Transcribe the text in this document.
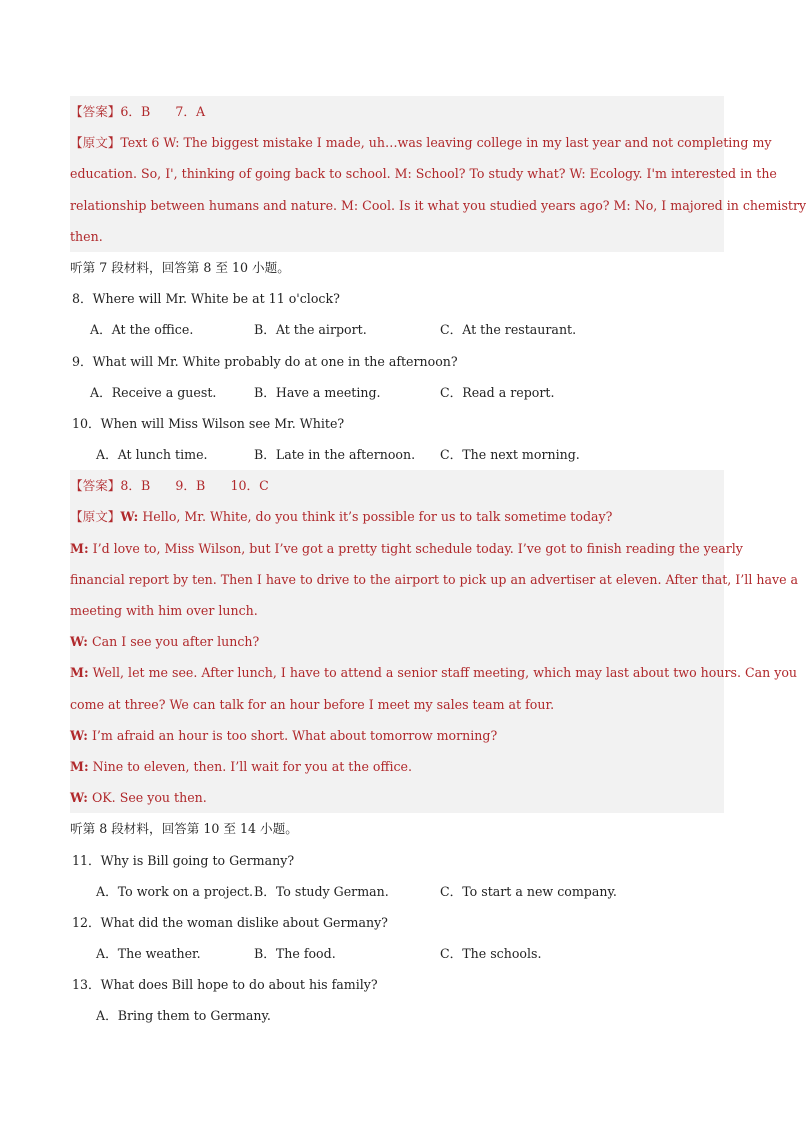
【答案】6．B　　7．A
【原文】Text 6 W: The biggest mistake I made, uh…was leaving college in my last year and not completing my
education. So, I', thinking of going back to school. M: School? To study what? W: Ecology. I'm interested in the
relationship between humans and nature. M: Cool. Is it what you studied years ago? M: No, I majored in chemistry
then.
听第 7 段材料，回答第 8 至 10 小题。
8．Where will Mr. White be at 11 o'clock?
A．At the office.	B．At the airport.	C．At the restaurant.
9．What will Mr. White probably do at one in the afternoon?
A．Receive a guest.	B．Have a meeting.	C．Read a report.
10．When will Miss Wilson see Mr. White?
A．At lunch time.	B．Late in the afternoon.	C．The next morning.
【答案】8．B　　9．B　　10．C
【原文】W: Hello, Mr. White, do you think it’s possible for us to talk sometime today?
M: I’d love to, Miss Wilson, but I’ve got a pretty tight schedule today. I’ve got to finish reading the yearly
financial report by ten. Then I have to drive to the airport to pick up an advertiser at eleven. After that, I’ll have a
meeting with him over lunch.
W: Can I see you after lunch?
M: Well, let me see. After lunch, I have to attend a senior staff meeting, which may last about two hours. Can you
come at three? We can talk for an hour before I meet my sales team at four.
W: I’m afraid an hour is too short. What about tomorrow morning?
M: Nine to eleven, then. I’ll wait for you at the office.
W: OK. See you then.
听第 8 段材料，回答第 10 至 14 小题。
11．Why is Bill going to Germany?
A．To work on a project. B．To study German.	C．To start a new company.
12．What did the woman dislike about Germany?
A．The weather.	B．The food.	C．The schools.
13．What does Bill hope to do about his family?
A．Bring them to Germany.
